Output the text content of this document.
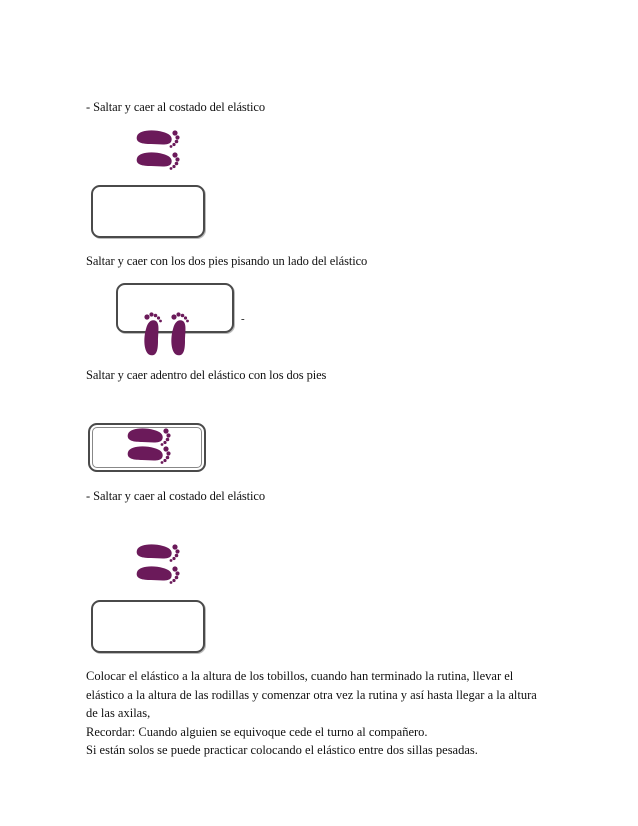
- Saltar y caer al costado del elástico
Saltar y caer con los dos pies pisando un lado del elástico
-
Saltar y caer adentro del elástico con los dos pies
- Saltar y caer al costado del elástico
Colocar el elástico a la altura de los tobillos, cuando han terminado la rutina, llevar el
elástico a la altura de las rodillas y comenzar otra vez la rutina y así hasta llegar a la altura
de las axilas,
Recordar: Cuando alguien se equivoque cede el turno al compañero.
Si están solos se puede practicar colocando el elástico entre dos sillas pesadas.
